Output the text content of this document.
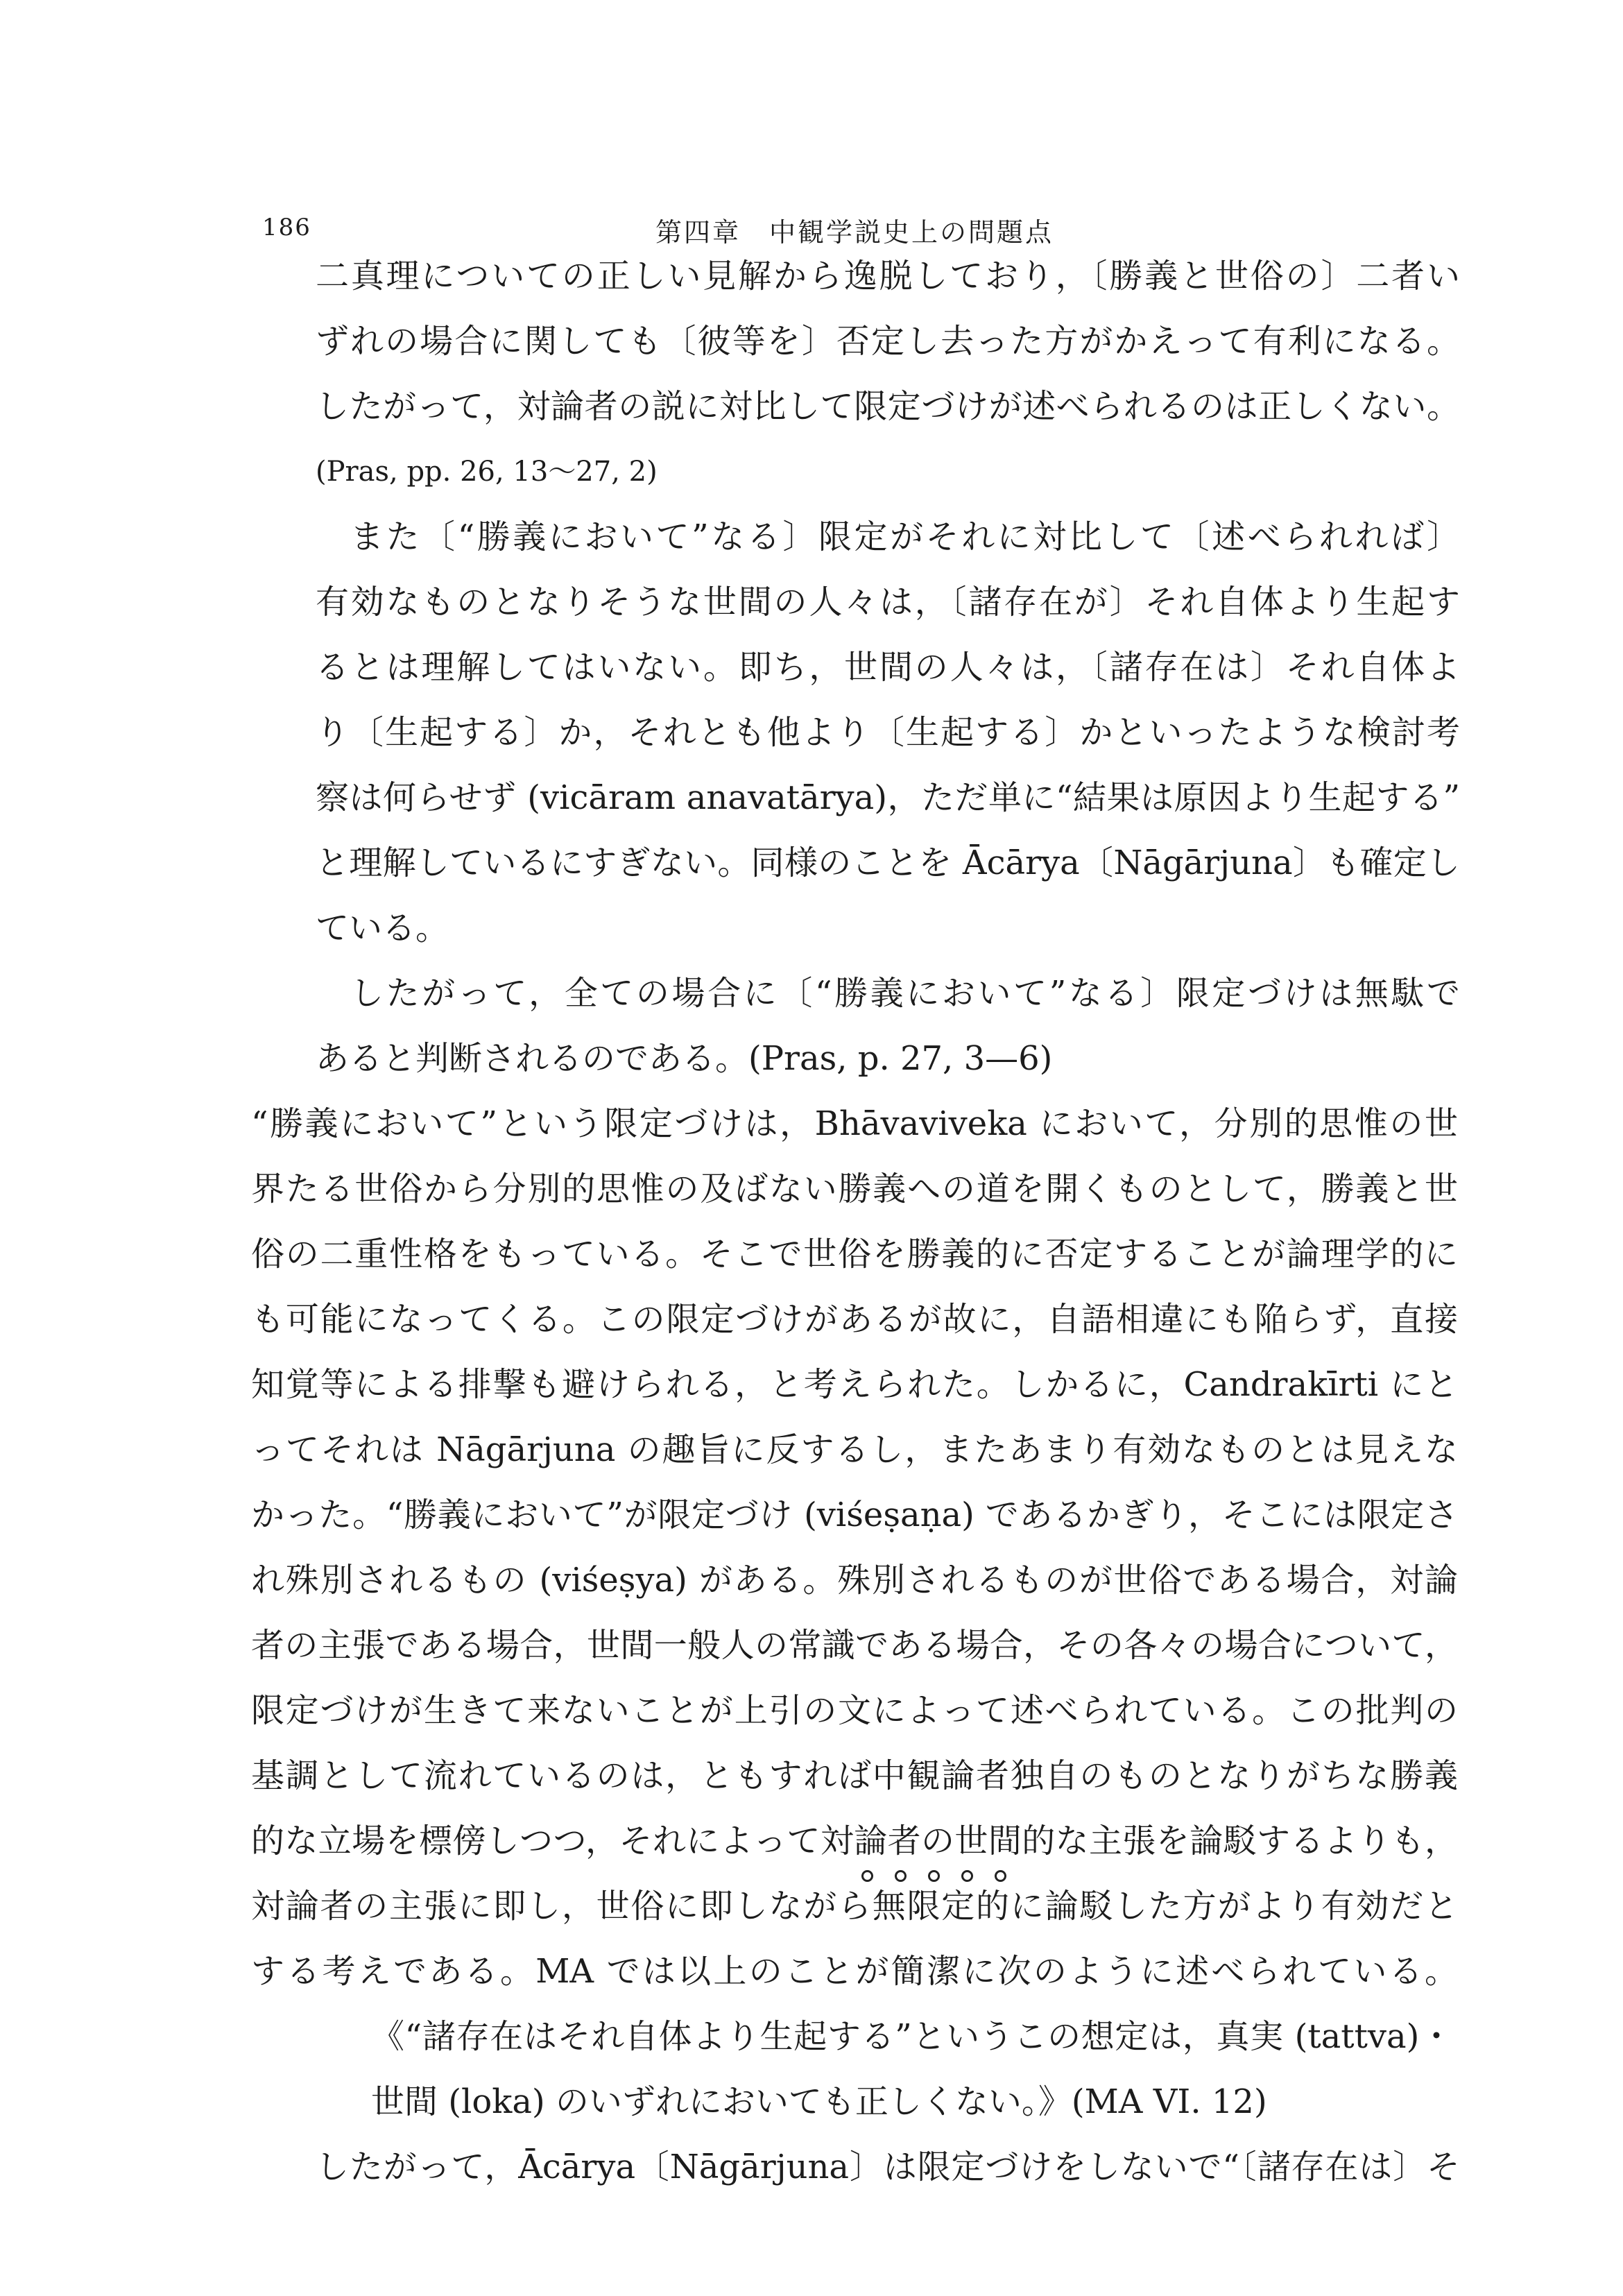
186	第四章　中観学説史上の問題点
二真理についての正しい見解から逸脱しており，〔勝義と世俗の〕二者い
ずれの場合に関しても〔彼等を〕否定し去った方がかえって有利になる。
したがって，対論者の説に対比して限定づけが述べられるのは正しくない。
(Pras, pp. 26, 13〜27, 2)
また〔“勝義において”なる〕限定がそれに対比して〔述べられれば〕
有効なものとなりそうな世間の人々は，〔諸存在が〕それ自体より生起す
るとは理解してはいない。即ち，世間の人々は，〔諸存在は〕それ自体よ
り〔生起する〕か，それとも他より〔生起する〕かといったような検討考
察は何らせず (vicāram anavatārya)，ただ単に“結果は原因より生起する”
と理解しているにすぎない。同様のことを Ācārya〔Nāgārjuna〕も確定し
ている。
したがって，全ての場合に〔“勝義において”なる〕限定づけは無駄で
あると判断されるのである。(Pras, p. 27, 3—6)
“勝義において”という限定づけは，Bhāvaviveka において，分別的思惟の世
界たる世俗から分別的思惟の及ばない勝義への道を開くものとして，勝義と世
俗の二重性格をもっている。そこで世俗を勝義的に否定することが論理学的に
も可能になってくる。この限定づけがあるが故に，自語相違にも陥らず，直接
知覚等による排撃も避けられる，と考えられた。しかるに，Candrakīrti にと
ってそれは Nāgārjuna の趣旨に反するし，またあまり有効なものとは見えな
かった。“勝義において”が限定づけ (viśeṣaṇa) であるかぎり，そこには限定さ
れ殊別されるもの (viśeṣya) がある。殊別されるものが世俗である場合，対論
者の主張である場合，世間一般人の常識である場合，その各々の場合について，
限定づけが生きて来ないことが上引の文によって述べられている。この批判の
基調として流れているのは，ともすれば中観論者独自のものとなりがちな勝義
的な立場を標傍しつつ，それによって対論者の世間的な主張を論駁するよりも，
対論者の主張に即し，世俗に即しながら無限定的に論駁した方がより有効だと
する考えである。MA では以上のことが簡潔に次のように述べられている。
《“諸存在はそれ自体より生起する”というこの想定は，真実 (tattva)・
世間 (loka) のいずれにおいても正しくない。》(MA VI. 12)
したがって，Ācārya〔Nāgārjuna〕は限定づけをしないで“〔諸存在は〕そ
